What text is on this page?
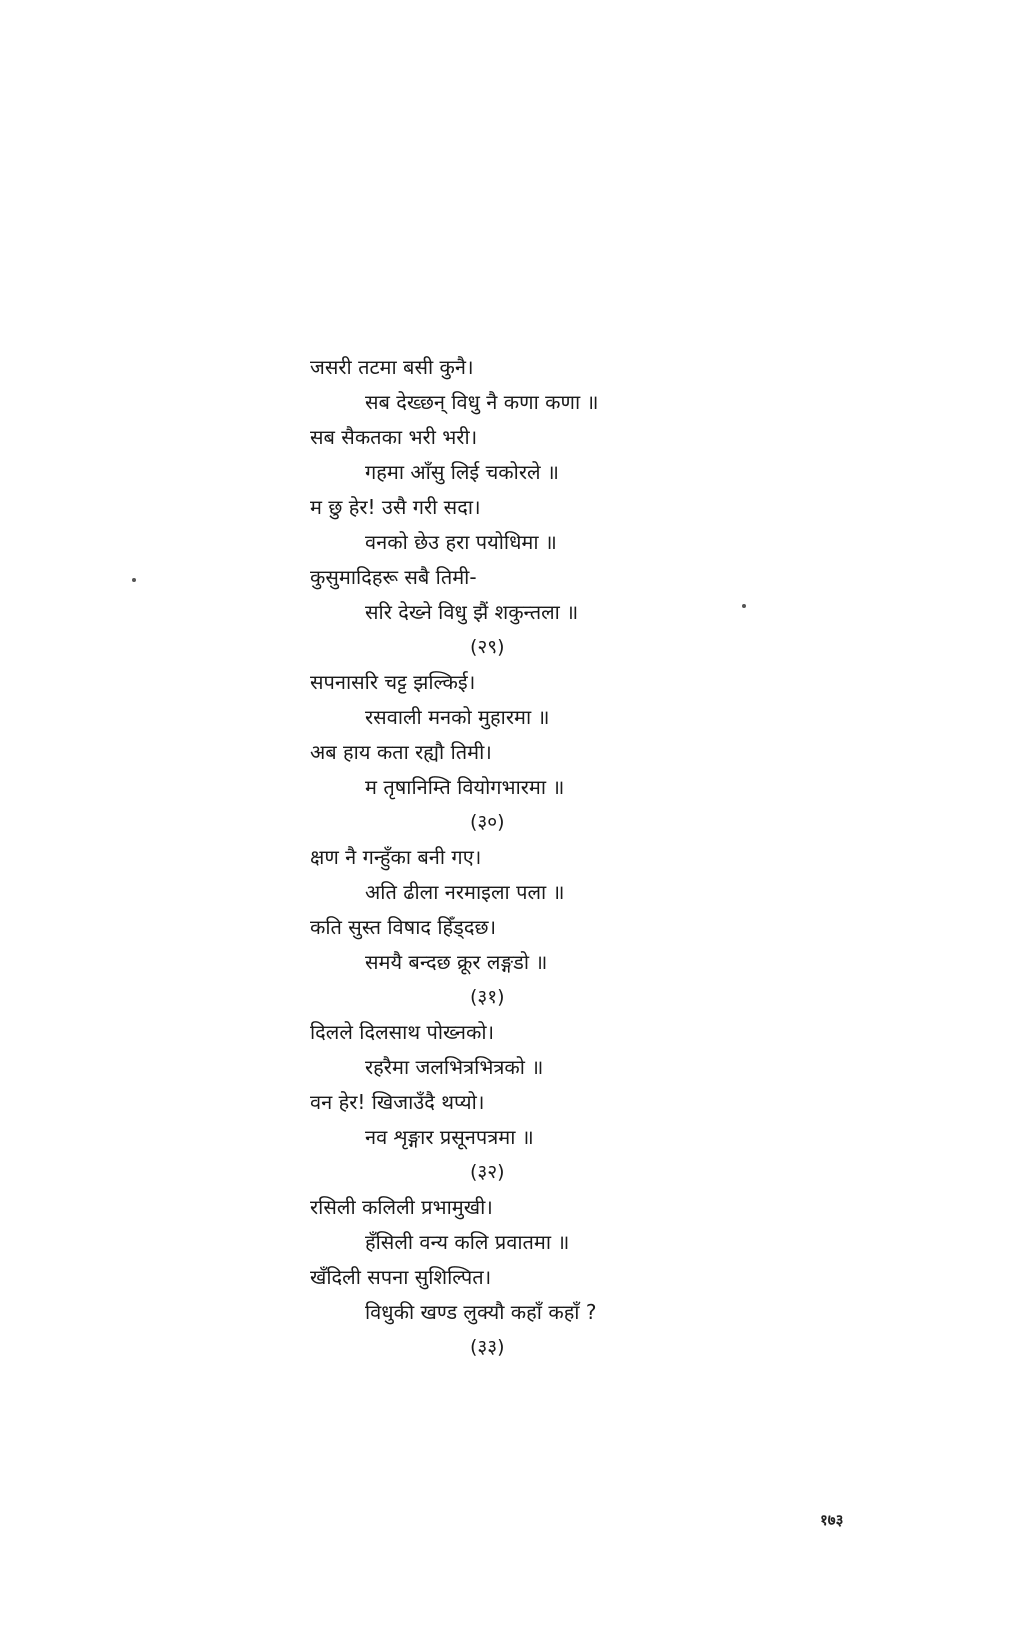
जसरी तटमा बसी कुनै।
सब देख्छन् विधु नै कणा कणा ॥
सब सैकतका भरी भरी।
गहमा आँसु लिई चकोरले ॥
म छु हेर! उसै गरी सदा।
वनको छेउ हरा पयोधिमा ॥
कुसुमादिहरू सबै तिमी-
सरि देख्ने विधु झैं शकुन्तला ॥
(२९)
सपनासरि चट्ट झल्किई।
रसवाली मनको मुहारमा ॥
अब हाय कता रह्यौ तिमी।
म तृषानिम्ति वियोगभारमा ॥
(३०)
क्षण नै गन्हुँका बनी गए।
अति ढीला नरमाइला पला ॥
कति सुस्त विषाद हिँड्दछ।
समयै बन्दछ क्रूर लङ्गडो ॥
(३१)
दिलले दिलसाथ पोख्नको।
रहरैमा जलभित्रभित्रको ॥
वन हेर! खिजाउँदै थप्यो।
नव शृङ्गार प्रसूनपत्रमा ॥
(३२)
रसिली कलिली प्रभामुखी।
हँसिली वन्य कलि प्रवातमा ॥
खँदिली सपना सुशिल्पित।
विधुकी खण्ड लुक्यौ कहाँ कहाँ ?
(३३)
१७३
